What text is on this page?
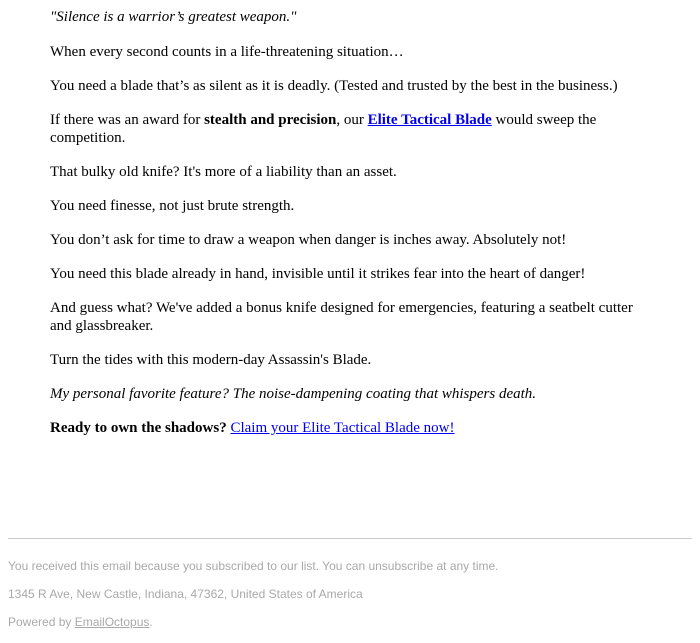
"Silence is a warrior’s greatest weapon."

When every second counts in a life-threatening situation…

You need a blade that’s as silent as it is deadly. (Tested and trusted by the best in the business.)

If there was an award for stealth and precision, our Elite Tactical Blade would sweep the competition.

That bulky old knife? It's more of a liability than an asset.

You need finesse, not just brute strength.

You don’t ask for time to draw a weapon when danger is inches away. Absolutely not!

You need this blade already in hand, invisible until it strikes fear into the heart of danger!

And guess what? We've added a bonus knife designed for emergencies, featuring a seatbelt cutter and glassbreaker.

Turn the tides with this modern-day Assassin's Blade.

My personal favorite feature? The noise-dampening coating that whispers death.

Ready to own the shadows? Claim your Elite Tactical Blade now!

You received this email because you subscribed to our list. You can unsubscribe at any time.

1345 R Ave, New Castle, Indiana, 47362, United States of America

Powered by EmailOctopus.
